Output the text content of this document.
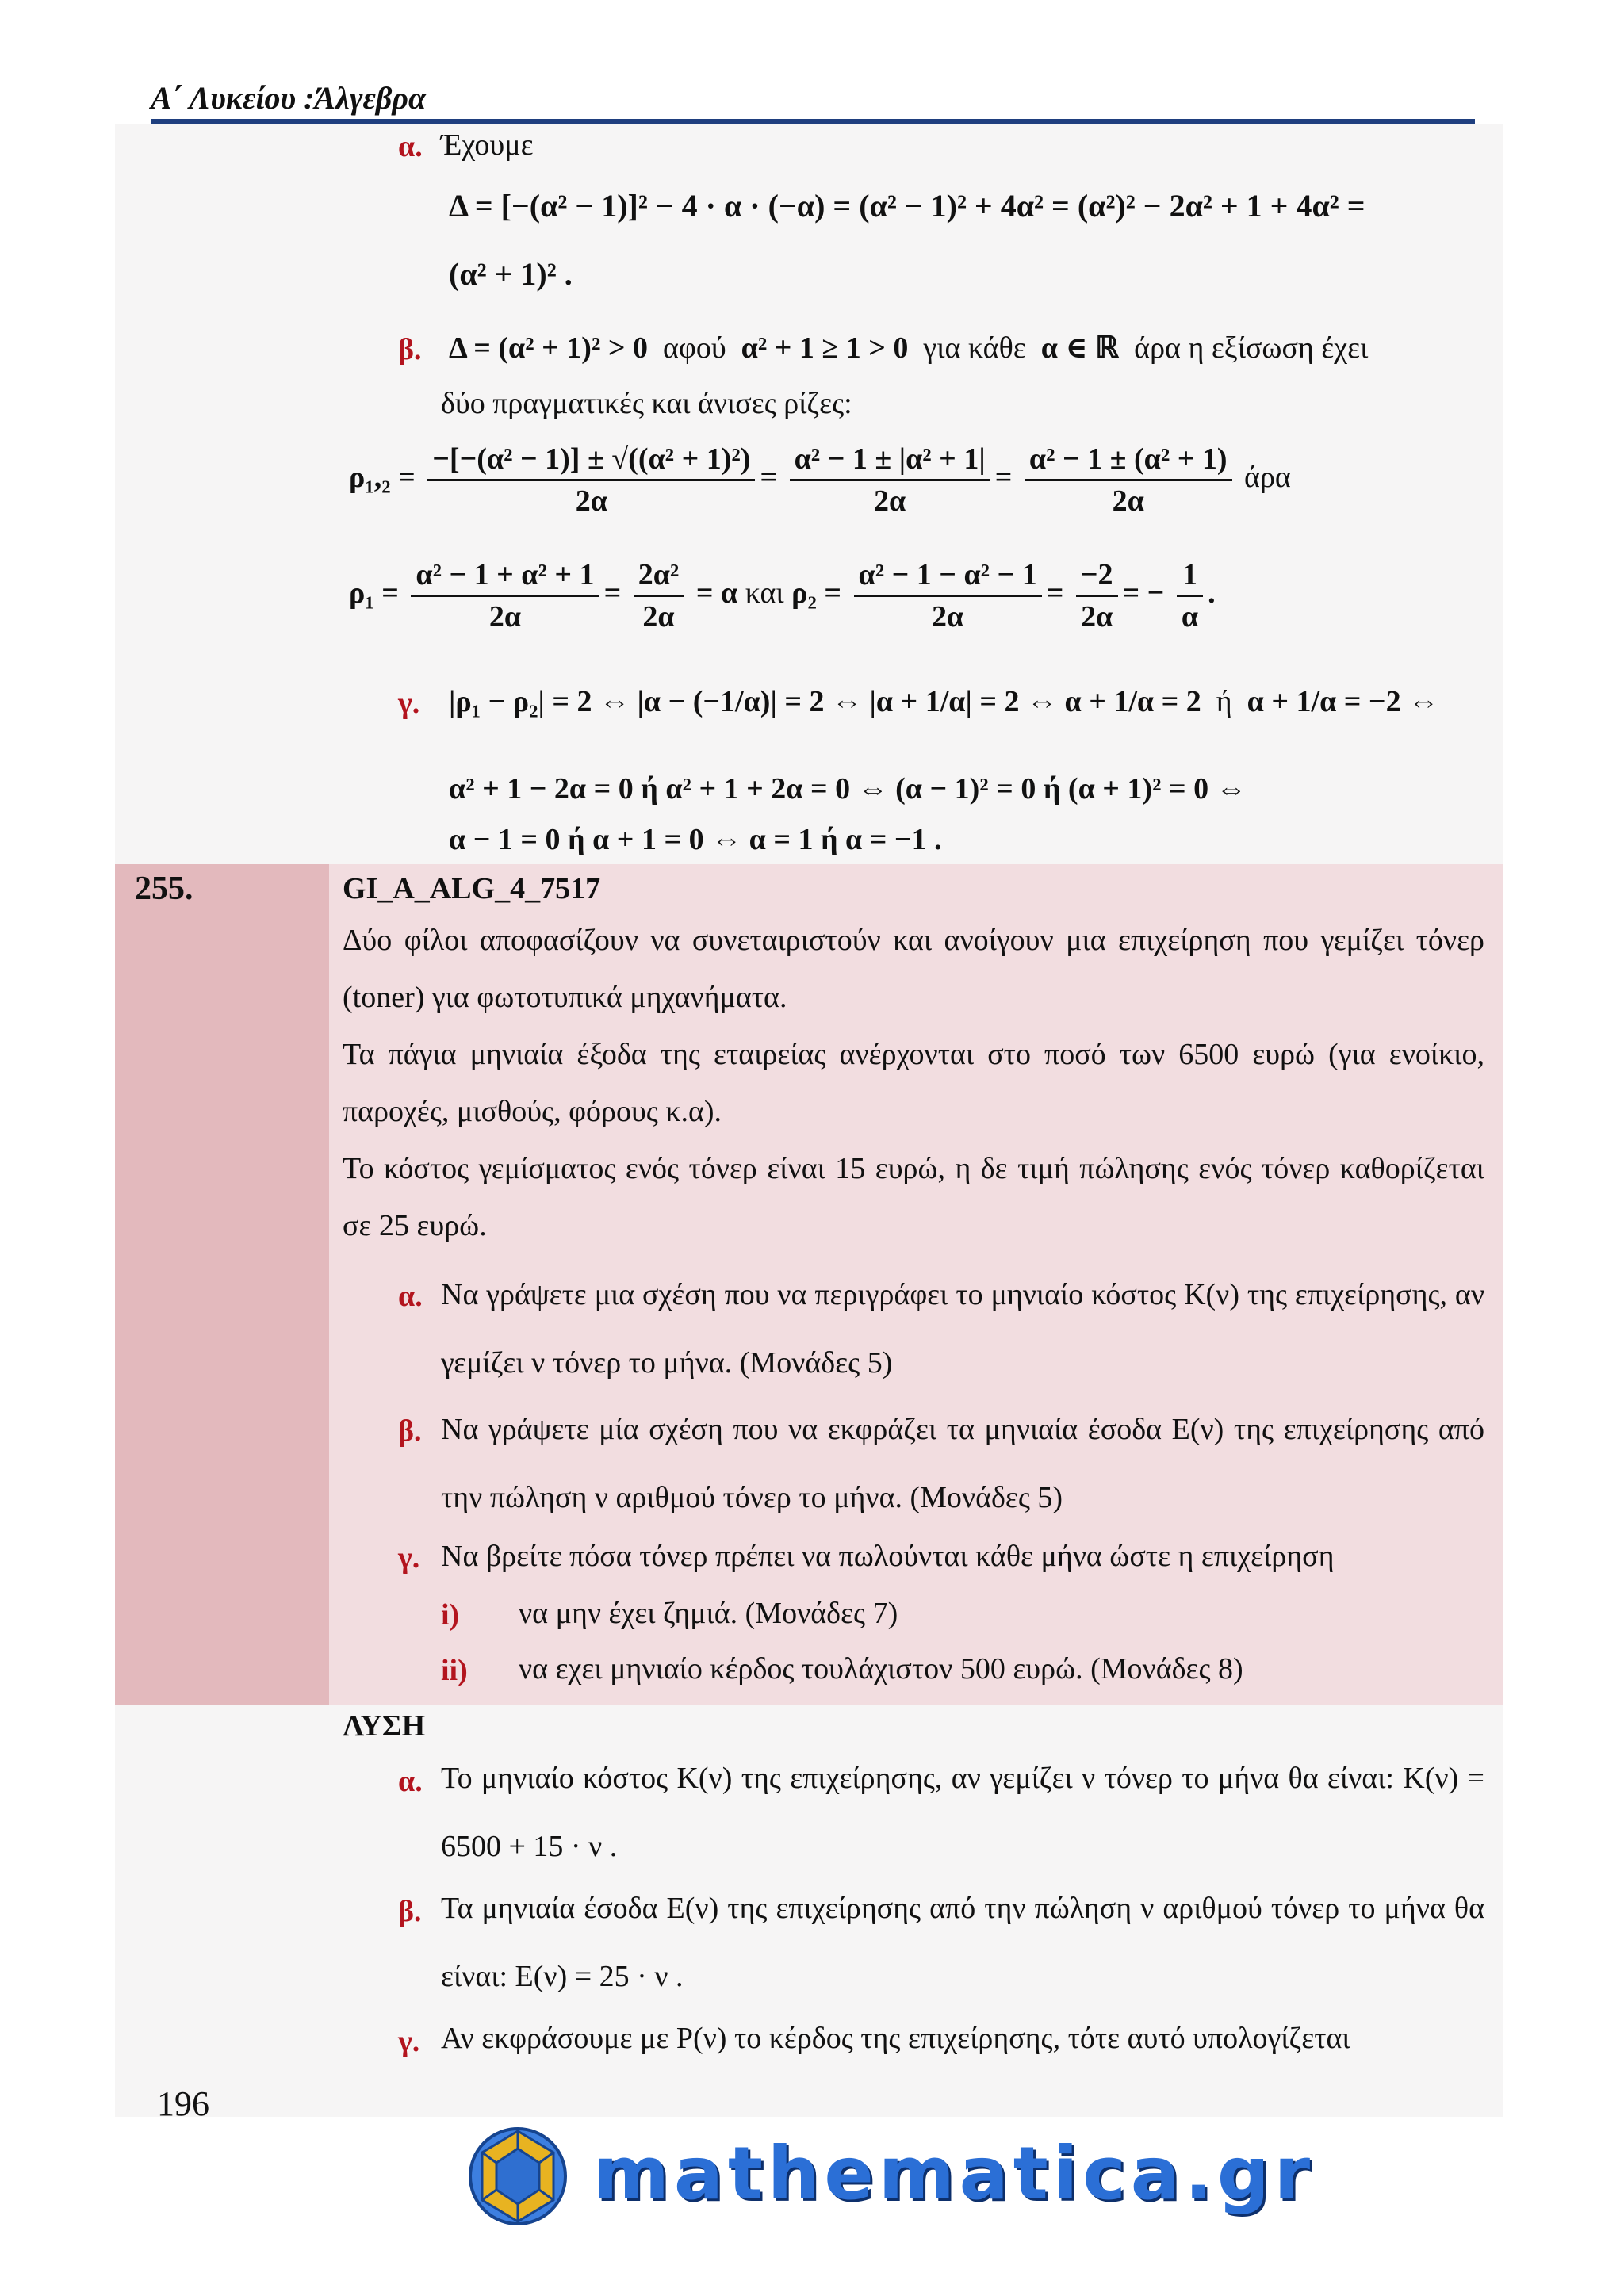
Α΄ Λυκείου :Άλγεβρα
α. Έχουμε
Δ = [−(α² − 1)]² − 4 · α · (−α) = (α² − 1)² + 4α² = (α²)² − 2α² + 1 + 4α² =
(α² + 1)² .
β. Δ = (α² + 1)² > 0 αφού α² + 1 ≥ 1 > 0 για κάθε α ∈ ℝ άρα η εξίσωση έχει
δύο πραγματικές και άνισες ρίζες:
$\rho_1,_2 = \frac{\text{−[−(α² − 1)] ± √((α² + 1)²)}}{2\alpha} = \frac{\text{α² − 1 ± |α² + 1|}}{2\alpha} = \frac{\text{α² − 1 ± (α² + 1)}}{2\alpha}$ άρα
$\rho_1 = \frac{\text{α² − 1 + α² + 1}}{2\alpha} = \frac{\text{2α²}}{2\alpha} = \alpha$ και $\rho_2 = \frac{\text{α² − 1 − α² − 1}}{2\alpha} = \frac{-2}{2\alpha}$ = − $\frac{1}{\alpha}$ .
γ. |ρ₁ − ρ₂| = 2 ⇔ |α − (−1/α)| = 2 ⇔ |α + 1/α| = 2 ⇔ α + 1/α = 2 ή α + 1/α = −2 ⇔
α² + 1 − 2α = 0 ή α² + 1 + 2α = 0 ⇔ (α − 1)² = 0 ή (α + 1)² = 0 ⇔
α − 1 = 0 ή α + 1 = 0 ⇔ α = 1 ή α = −1 .
255.	GI_A_ALG_4_7517
Δύο φίλοι αποφασίζουν να συνεταιριστούν και ανοίγουν μια επιχείρηση που γεμίζει τόνερ (toner) για φωτοτυπικά μηχανήματα.
Τα πάγια μηνιαία έξοδα της εταιρείας ανέρχονται στο ποσό των 6500 ευρώ (για ενοίκιο, παροχές, μισθούς, φόρους κ.α).
Το κόστος γεμίσματος ενός τόνερ είναι 15 ευρώ, η δε τιμή πώλησης ενός τόνερ καθορίζεται σε 25 ευρώ.
α. Να γράψετε μια σχέση που να περιγράφει το μηνιαίο κόστος K(ν) της επιχείρησης, αν γεμίζει ν τόνερ το μήνα. (Μονάδες 5)
β. Να γράψετε μία σχέση που να εκφράζει τα μηνιαία έσοδα E(ν) της επιχείρησης από την πώληση ν αριθμού τόνερ το μήνα. (Μονάδες 5)
γ. Να βρείτε πόσα τόνερ πρέπει να πωλούνται κάθε μήνα ώστε η επιχείρηση
i) να μην έχει ζημιά. (Μονάδες 7)
ii) να εχει μηνιαίο κέρδος τουλάχιστον 500 ευρώ. (Μονάδες 8)
ΛΥΣΗ
α. Το μηνιαίο κόστος K(ν) της επιχείρησης, αν γεμίζει ν τόνερ το μήνα θα είναι: K(ν) = 6500 + 15 · ν .
β. Τα μηνιαία έσοδα E(ν) της επιχείρησης από την πώληση ν αριθμού τόνερ το μήνα θα είναι: E(ν) = 25 · ν .
γ. Αν εκφράσουμε με P(ν) το κέρδος της επιχείρησης, τότε αυτό υπολογίζεται
196
mathematica.gr
